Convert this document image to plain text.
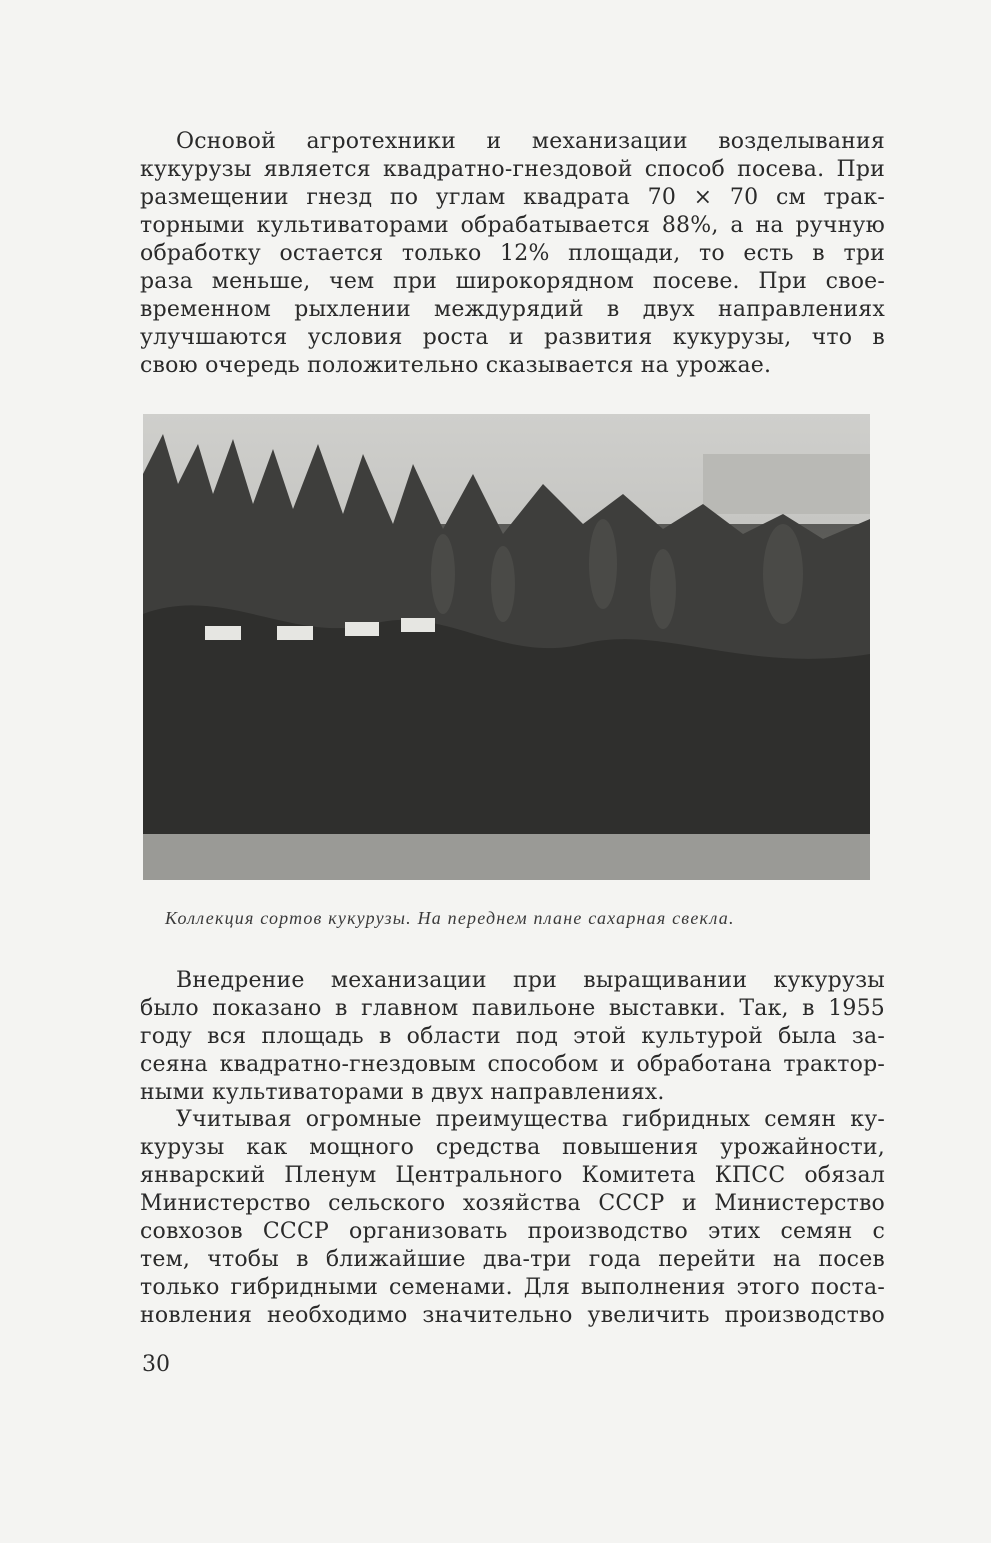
Основой агротехники и механизации возделывания
кукурузы является квадратно-гнездовой способ посева. При
размещении гнезд по углам квадрата 70 × 70 см трак-
торными культиваторами обрабатывается 88%, а на ручную
обработку остается только 12% площади, то есть в три
раза меньше, чем при широкорядном посеве. При свое-
временном рыхлении междурядий в двух направлениях
улучшаются условия роста и развития кукурузы, что в
свою очередь положительно сказывается на урожае.
Коллекция сортов кукурузы. На переднем плане сахарная свекла.
Внедрение механизации при выращивании кукурузы
было показано в главном павильоне выставки. Так, в 1955
году вся площадь в области под этой культурой была за-
сеяна квадратно-гнездовым способом и обработана трактор-
ными культиваторами в двух направлениях.
Учитывая огромные преимущества гибридных семян ку-
курузы как мощного средства повышения урожайности,
январский Пленум Центрального Комитета КПСС обязал
Министерство сельского хозяйства СССР и Министерство
совхозов СССР организовать производство этих семян с
тем, чтобы в ближайшие два-три года перейти на посев
только гибридными семенами. Для выполнения этого поста-
новления необходимо значительно увеличить производство
30
